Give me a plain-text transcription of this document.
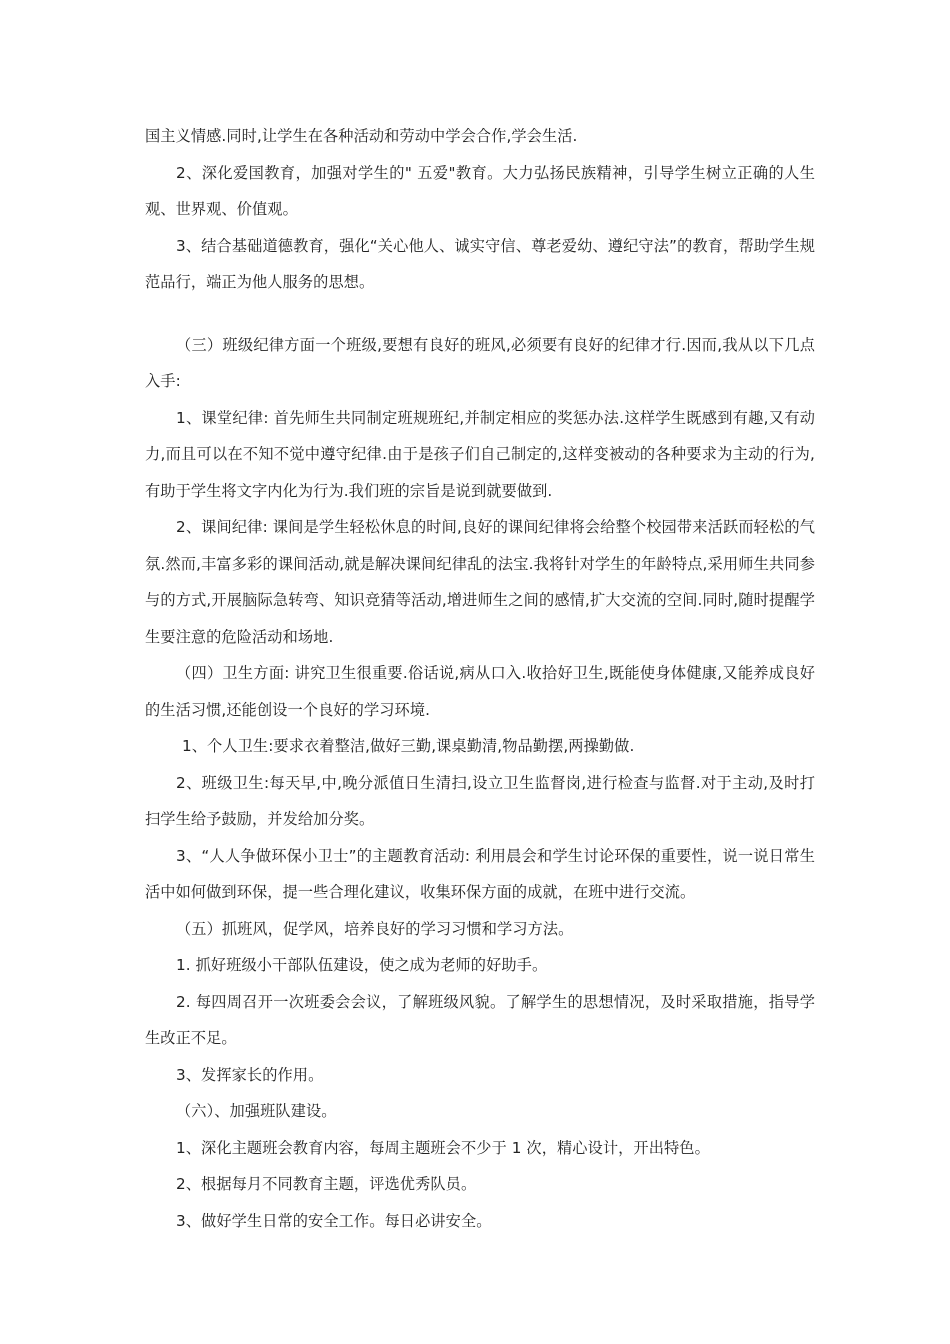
国主义情感.同时,让学生在各种活动和劳动中学会合作,学会生活.

2、深化爱国教育，加强对学生的" 五爱"教育。大力弘扬民族精神，引导学生树立正确的人生观、世界观、价值观。

3、结合基础道德教育，强化“关心他人、诚实守信、尊老爱幼、遵纪守法”的教育，帮助学生规范品行，端正为他人服务的思想。

（三）班级纪律方面一个班级,要想有良好的班风,必须要有良好的纪律才行.因而,我从以下几点入手:

1、课堂纪律: 首先师生共同制定班规班纪,并制定相应的奖惩办法.这样学生既感到有趣,又有动力,而且可以在不知不觉中遵守纪律.由于是孩子们自己制定的,这样变被动的各种要求为主动的行为,有助于学生将文字内化为行为.我们班的宗旨是说到就要做到.

2、课间纪律: 课间是学生轻松休息的时间,良好的课间纪律将会给整个校园带来活跃而轻松的气氛.然而,丰富多彩的课间活动,就是解决课间纪律乱的法宝.我将针对学生的年龄特点,采用师生共同参与的方式,开展脑际急转弯、知识竞猜等活动,增进师生之间的感情,扩大交流的空间.同时,随时提醒学生要注意的危险活动和场地.

（四）卫生方面: 讲究卫生很重要.俗话说,病从口入.收拾好卫生,既能使身体健康,又能养成良好的生活习惯,还能创设一个良好的学习环境.

1、个人卫生:要求衣着整洁,做好三勤,课桌勤清,物品勤摆,两操勤做.

2、班级卫生:每天早,中,晚分派值日生清扫,设立卫生监督岗,进行检查与监督.对于主动,及时打扫学生给予鼓励，并发给加分奖。

3、“人人争做环保小卫士”的主题教育活动: 利用晨会和学生讨论环保的重要性，说一说日常生活中如何做到环保，提一些合理化建议，收集环保方面的成就，在班中进行交流。

（五）抓班风，促学风，培养良好的学习习惯和学习方法。

1. 抓好班级小干部队伍建设，使之成为老师的好助手。

2. 每四周召开一次班委会会议，了解班级风貌。了解学生的思想情况，及时采取措施，指导学生改正不足。

3、发挥家长的作用。

（六）、加强班队建设。

1、深化主题班会教育内容，每周主题班会不少于 1 次，精心设计，开出特色。

2、根据每月不同教育主题，评选优秀队员。

3、做好学生日常的安全工作。每日必讲安全。
